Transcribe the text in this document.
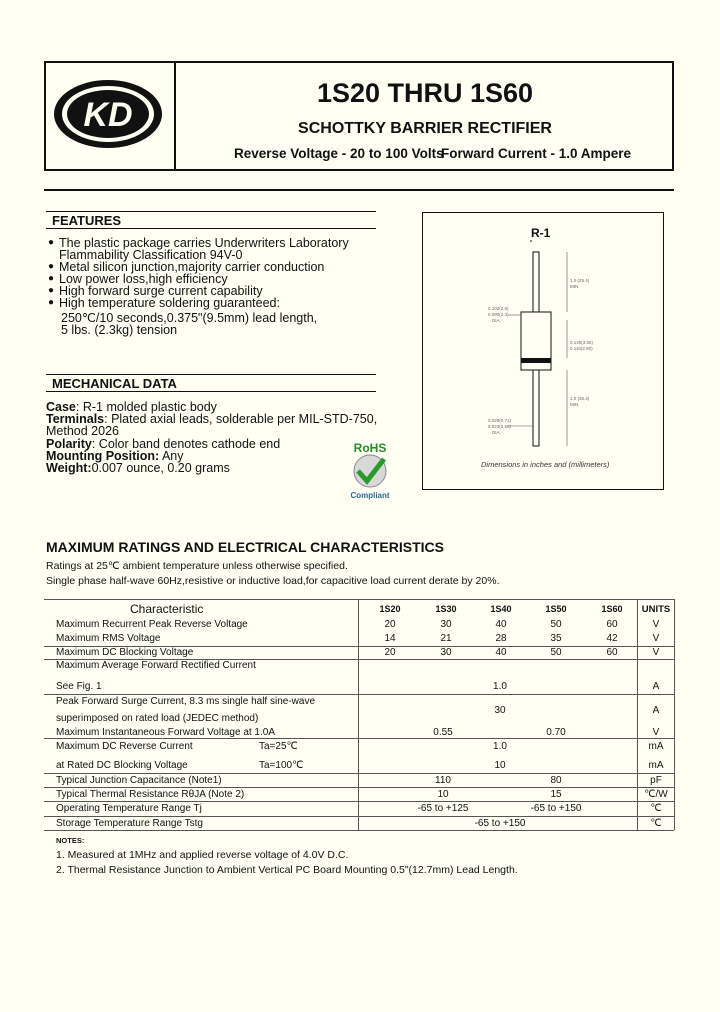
KD
1S20 THRU 1S60
SCHOTTKY BARRIER RECTIFIER
Reverse Voltage - 20 to 100 Volts
Forward Current - 1.0 Ampere
FEATURES
● The plastic package carries Underwriters Laboratory
Flammability Classification 94V-0
● Metal silicon junction,majority carrier conduction
● Low power loss,high efficiency
● High forward surge current capability
● High temperature soldering guaranteed:
250℃/10 seconds,0.375"(9.5mm) lead length,
5 lbs. (2.3kg) tension
MECHANICAL DATA
Case: R-1 molded plastic body
Terminals: Plated axial leads, solderable per MIL-STD-750,
Method 2026
Polarity: Color band denotes cathode end
Mounting Position: Any
Weight:0.007 ounce, 0.20 grams
RoHS
Compliant
R-1
1.0 (25.4)
MIN.
0.140(3.56)
0.110(2.80)
1.0 (25.4)
MIN.
0.102(2.6)
0.090(2.3)
DIA.
0.028(0.71)
0.023(0.58)
DIA.
Dimensions in inches and (millimeters)
MAXIMUM RATINGS AND ELECTRICAL CHARACTERISTICS
Ratings at 25℃ ambient temperature unless otherwise specified.
Single phase half-wave 60Hz,resistive or inductive load,for capacitive load current derate by 20%.
Characteristic	1S20	1S30	1S40	1S50	1S60	UNITS
Maximum Recurrent Peak Reverse Voltage	20	30	40	50	60	V
Maximum RMS Voltage	14	21	28	35	42	V
Maximum DC Blocking Voltage	20	30	40	50	60	V
Maximum Average Forward Rectified Current
See Fig. 1	1.0	A
Peak Forward Surge Current, 8.3 ms single half sine-wave
superimposed on rated load (JEDEC method)
30	A
Maximum Instantaneous Forward Voltage at 1.0A	0.55	0.70	V
Maximum DC Reverse Current	Ta=25℃	1.0	mA
at Rated DC Blocking Voltage	Ta=100℃	10	mA
Typical Junction Capacitance (Note1)	110	80	pF
Typical Thermal Resistance RθJA (Note 2)	10	15	℃/W
Operating Temperature Range Tj	-65 to +125	-65 to +150	℃
Storage Temperature Range Tstg	-65 to +150	℃
NOTES:
1. Measured at 1MHz and applied reverse voltage of 4.0V D.C.
2. Thermal Resistance Junction to Ambient Vertical PC Board Mounting 0.5"(12.7mm) Lead Length.
